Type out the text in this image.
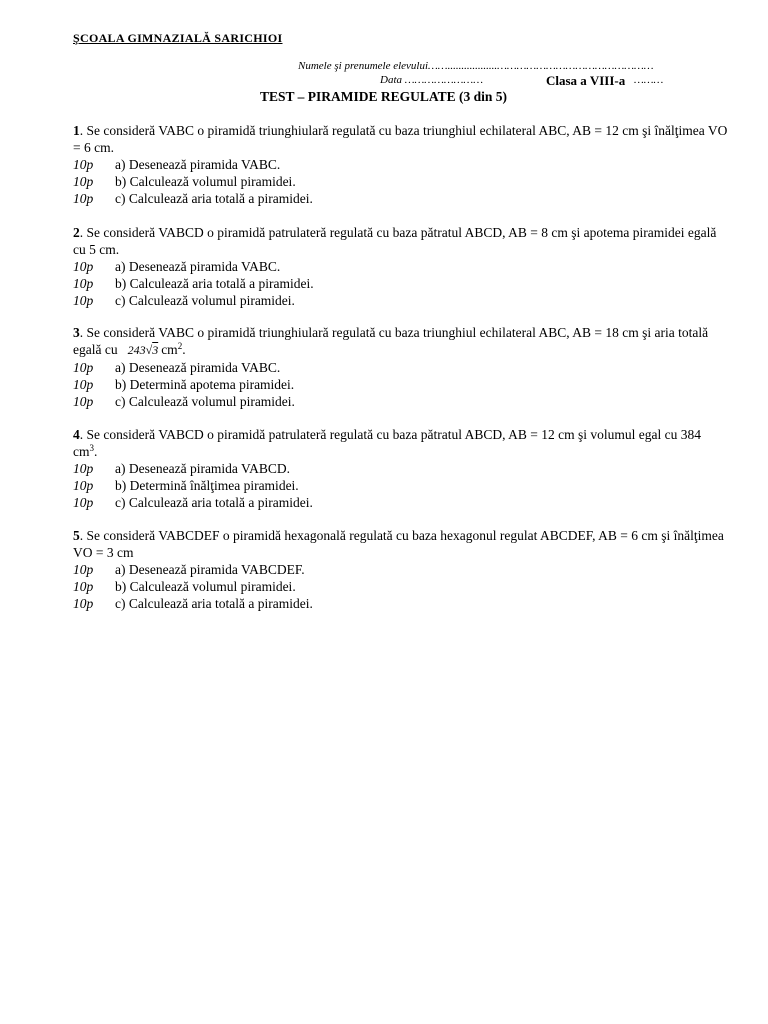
ŞCOALA GIMNAZIALĂ SARICHIOI
Numele şi prenumele elevului……..................…………………………………………
Data ……………………	Clasa a VIII-a ………
TEST – PIRAMIDE REGULATE (3 din 5)

1. Se consideră VABC o piramidă triunghiulară regulată cu baza triunghiul echilateral ABC, AB = 12 cm şi înălţimea VO = 6 cm.

10p	a) Desenează piramida VABC.
10p	b) Calculează volumul piramidei.
10p	c) Calculează aria totală a piramidei.

2. Se consideră VABCD o piramidă patrulateră regulată cu baza pătratul ABCD, AB = 8 cm şi apotema piramidei egală cu 5 cm.

10p	a) Desenează piramida VABC.
10p	b) Calculează aria totală a piramidei.
10p	c) Calculează volumul piramidei.

3. Se consideră VABC o piramidă triunghiulară regulată cu baza triunghiul echilateral ABC, AB = 18 cm şi aria totală egală cu 243√3 $cm^2$.

10p	a) Desenează piramida VABC.
10p	b) Determină apotema piramidei.
10p	c) Calculează volumul piramidei.

4. Se consideră VABCD o piramidă patrulateră regulată cu baza pătratul ABCD, AB = 12 cm şi volumul egal cu 384 $cm^3$.

10p	a) Desenează piramida VABCD.
10p	b) Determină înălţimea piramidei.
10p	c) Calculează aria totală a piramidei.

5. Se consideră VABCDEF o piramidă hexagonală regulată cu baza hexagonul regulat ABCDEF, AB = 6 cm şi înălţimea VO = 3 cm

10p	a) Desenează piramida VABCDEF.
10p	b) Calculează volumul piramidei.
10p	c) Calculează aria totală a piramidei.
